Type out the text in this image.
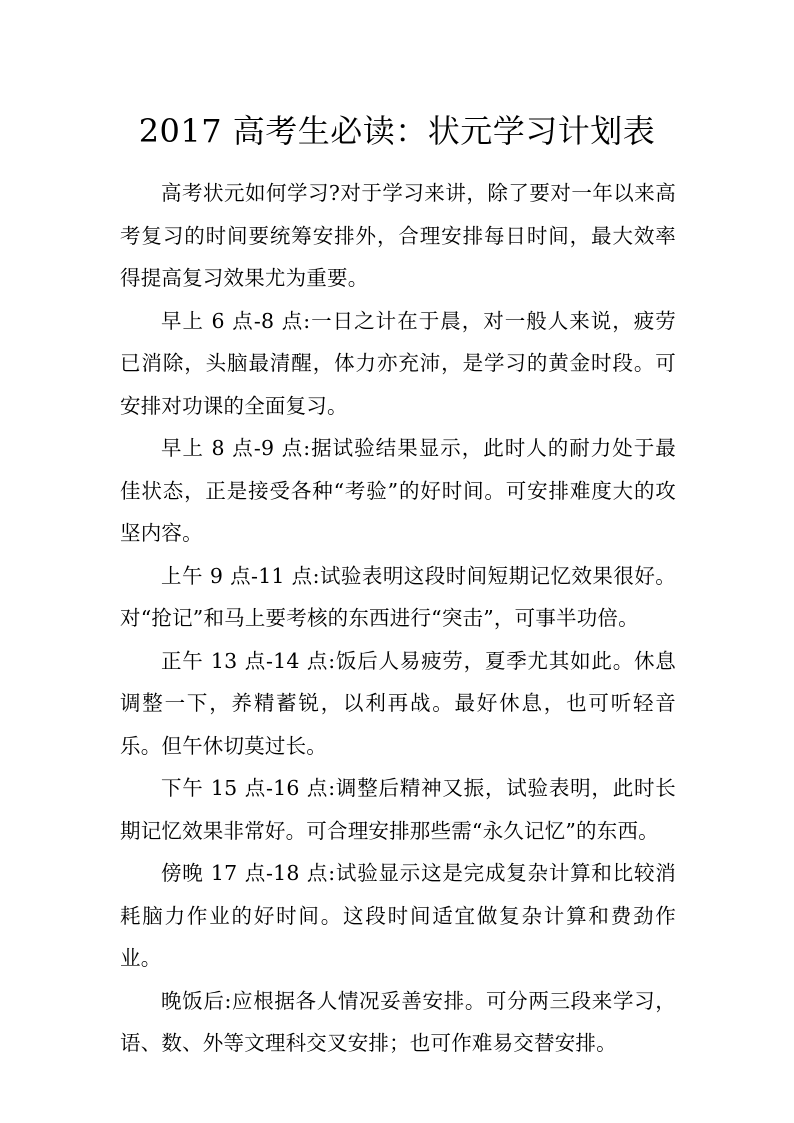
2017 高考生必读：状元学习计划表

高考状元如何学习?对于学习来讲，除了要对一年以来高考复习的时间要统筹安排外，合理安排每日时间，最大效率得提高复习效果尤为重要。

早上 6 点-8 点:一日之计在于晨，对一般人来说，疲劳已消除，头脑最清醒，体力亦充沛，是学习的黄金时段。可安排对功课的全面复习。

早上 8 点-9 点:据试验结果显示，此时人的耐力处于最佳状态，正是接受各种“考验”的好时间。可安排难度大的攻坚内容。

上午 9 点-11 点:试验表明这段时间短期记忆效果很好。对“抢记”和马上要考核的东西进行“突击”，可事半功倍。

正午 13 点-14 点:饭后人易疲劳，夏季尤其如此。休息调整一下，养精蓄锐，以利再战。最好休息，也可听轻音乐。但午休切莫过长。

下午 15 点-16 点:调整后精神又振，试验表明，此时长期记忆效果非常好。可合理安排那些需“永久记忆”的东西。

傍晚 17 点-18 点:试验显示这是完成复杂计算和比较消耗脑力作业的好时间。这段时间适宜做复杂计算和费劲作业。

晚饭后:应根据各人情况妥善安排。可分两三段来学习，语、数、外等文理科交叉安排；也可作难易交替安排。
